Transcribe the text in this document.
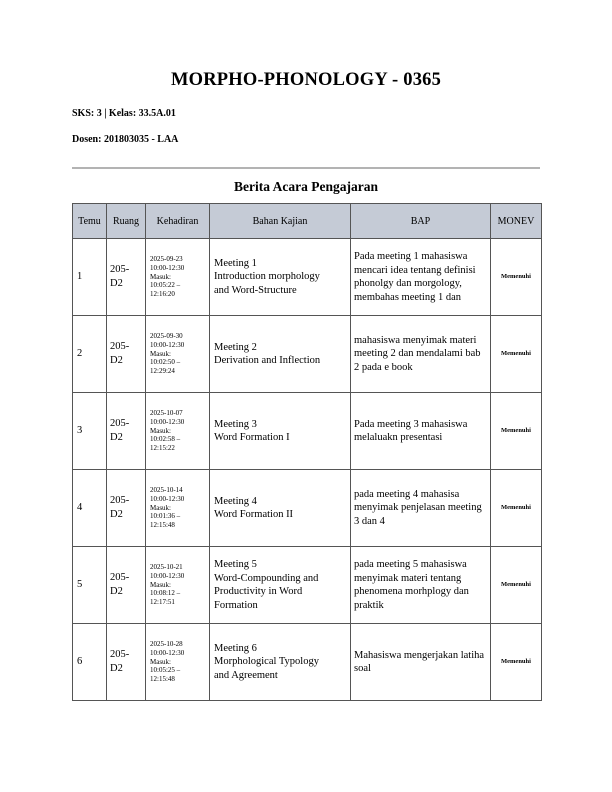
MORPHO-PHONOLOGY - 0365
SKS: 3 | Kelas: 33.5A.01
Dosen: 201803035 - LAA
Berita Acara Pengajaran
Temu	Ruang	Kehadiran	Bahan Kajian	BAP	MONEV
1	205-
D2	2025-09-23
10:00-12:30
Masuk:
10:05:22 –
12:16:20	Meeting 1
Introduction morphology
and Word-Structure	Pada meeting 1 mahasiswa mencari idea tentang definisi phonolgy dan morgology, membahas meeting 1 dan	Memenuhi
2	205-
D2	2025-09-30
10:00-12:30
Masuk:
10:02:50 –
12:29:24	Meeting 2
Derivation and Inflection	mahasiswa menyimak materi meeting 2 dan mendalami bab 2 pada e book	Memenuhi
3	205-
D2	2025-10-07
10:00-12:30
Masuk:
10:02:58 –
12:15:22	Meeting 3
Word Formation I	Pada meeting 3 mahasiswa melaluakn presentasi	Memenuhi
4	205-
D2	2025-10-14
10:00-12:30
Masuk:
10:01:36 –
12:15:48	Meeting 4
Word Formation II	pada meeting 4 mahasisa menyimak penjelasan meeting 3 dan 4	Memenuhi
5	205-
D2	2025-10-21
10:00-12:30
Masuk:
10:08:12 –
12:17:51	Meeting 5
Word-Compounding and
Productivity in Word
Formation	pada meeting 5 mahasiswa menyimak materi tentang phenomena morhplogy dan praktik	Memenuhi
6	205-
D2	2025-10-28
10:00-12:30
Masuk:
10:05:25 –
12:15:48	Meeting 6
Morphological Typology
and Agreement	Mahasiswa mengerjakan latiha soal	Memenuhi
